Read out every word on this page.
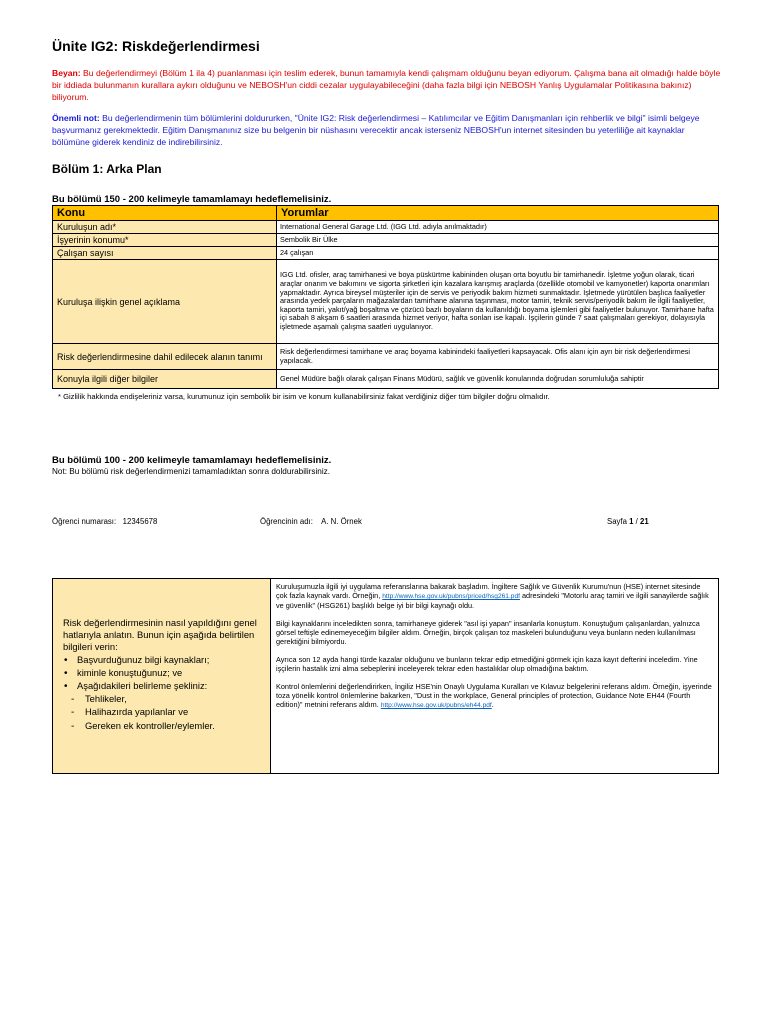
Ünite IG2: Riskdeğerlendirmesi
Beyan: Bu değerlendirmeyi (Bölüm 1 ila 4) puanlanması için teslim ederek, bunun tamamıyla kendi çalışmam olduğunu beyan ediyorum. Çalışma bana ait olmadığı halde böyle bir iddiada bulunmanın kurallara aykırı olduğunu ve NEBOSH'un ciddi cezalar uygulayabileceğini (daha fazla bilgi için NEBOSH Yanlış Uygulamalar Politikasına bakınız) biliyorum.
Önemli not: Bu değerlendirmenin tüm bölümlerini doldururken, "Ünite IG2: Risk değerlendirmesi – Katılımcılar ve Eğitim Danışmanları için rehberlik ve bilgi" isimli belgeye başvurmanız gerekmektedir. Eğitim Danışmanınız size bu belgenin bir nüshasını verecektir ancak isterseniz NEBOSH'un internet sitesinden bu yeterliliğe ait kaynaklar bölümüne giderek kendiniz de indirebilirsiniz.
Bölüm 1: Arka Plan
Bu bölümü 150 - 200 kelimeyle tamamlamayı hedeflemelisiniz.
Konu	Yorumlar
Kuruluşun adı*	International General Garage Ltd. (IGG Ltd. adıyla anılmaktadır)
İşyerinin konumu*	Sembolik Bir Ülke
Çalışan sayısı	24 çalışan
Kuruluşa ilişkin genel açıklama	IGG Ltd. ofisler, araç tamirhanesi ve boya püskürtme kabininden oluşan orta boyutlu bir tamirhanedir. İşletme yoğun olarak, ticari araçlar onarım ve bakımını ve sigorta şirketleri için kazalara karışmış araçlarda (özellikle otomobil ve kamyonetler) kaporta onarımları yapmaktadır. Ayrıca bireysel müşteriler için de servis ve periyodik bakım hizmeti sunmaktadır. İşletmede yürütülen başlıca faaliyetler arasında yedek parçaların mağazalardan tamirhane alanına taşınması, motor tamiri, teknik servis/periyodik bakım ile ilgili faaliyetler, kaporta tamiri, yakıt/yağ boşaltma ve çözücü bazlı boyaların da kullanıldığı boyama işlemleri gibi faaliyetler bulunuyor. Tamirhane hafta içi sabah 8 akşam 6 saatleri arasında hizmet veriyor, hafta sonları ise kapalı. İşçilerin günde 7 saat çalışmaları gerekiyor, dolayısıyla işletmede aşamalı çalışma saatleri uygulanıyor.
Risk değerlendirmesine dahil edilecek alanın tanımı	Risk değerlendirmesi tamirhane ve araç boyama kabinindeki faaliyetleri kapsayacak. Ofis alanı için ayrı bir risk değerlendirmesi yapılacak.
Konuyla ilgili diğer bilgiler	Genel Müdüre bağlı olarak çalışan Finans Müdürü, sağlık ve güvenlik konularında doğrudan sorumluluğa sahiptir
* Gizlilik hakkında endişeleriniz varsa, kurumunuz için sembolik bir isim ve konum kullanabilirsiniz fakat verdiğiniz diğer tüm bilgiler doğru olmalıdır.
Bu bölümü 100 - 200 kelimeyle tamamlamayı hedeflemelisiniz.
Not: Bu bölümü risk değerlendirmenizi tamamladıktan sonra doldurabilirsiniz.
Öğrenci numarası: 12345678	Öğrencinin adı: A. N. Örnek	Sayfa 1 / 21
Risk değerlendirmesinin nasıl yapıldığını genel hatlarıyla anlatın. Bunun için aşağıda belirtilen bilgileri verin:
• Başvurduğunuz bilgi kaynakları;
• kiminle konuştuğunuz; ve
• Aşağıdakileri belirleme şekliniz:
- Tehlikeler,
- Halihazırda yapılanlar ve
- Gereken ek kontroller/eylemler.

Kuruluşumuzla ilgili iyi uygulama referanslarına bakarak başladım. İngiltere Sağlık ve Güvenlik Kurumu'nun (HSE) internet sitesinde çok fazla kaynak vardı. Örneğin, http://www.hse.gov.uk/pubns/priced/hsg261.pdf adresindeki "Motorlu araç tamiri ve ilgili sanayilerde sağlık ve güvenlik" (HSG261) başlıklı belge iyi bir bilgi kaynağı oldu.

Bilgi kaynaklarını inceledikten sonra, tamirhaneye giderek "asıl işi yapan" insanlarla konuştum. Konuştuğum çalışanlardan, yalnızca görsel teftişle edinemeyeceğim bilgiler aldım. Örneğin, birçok çalışan toz maskeleri bulunduğunu veya bunların neden kullanılması gerektiğini bilmiyordu.

Ayrıca son 12 ayda hangi türde kazalar olduğunu ve bunların tekrar edip etmediğini görmek için kaza kayıt defterini inceledim. Yine işçilerin hastalık izni alma sebeplerini inceleyerek tekrar eden hastalıklar olup olmadığına baktım.

Kontrol önlemlerini değerlendirirken, İngiliz HSE'nin Onaylı Uygulama Kuralları ve Kılavuz belgelerini referans aldım. Örneğin, işyerinde toza yönelik kontrol önlemlerine bakarken, "Dust in the workplace, General principles of protection, Guidance Note EH44 (Fourth edition)" metnini referans aldım. http://www.hse.gov.uk/pubns/eh44.pdf.
